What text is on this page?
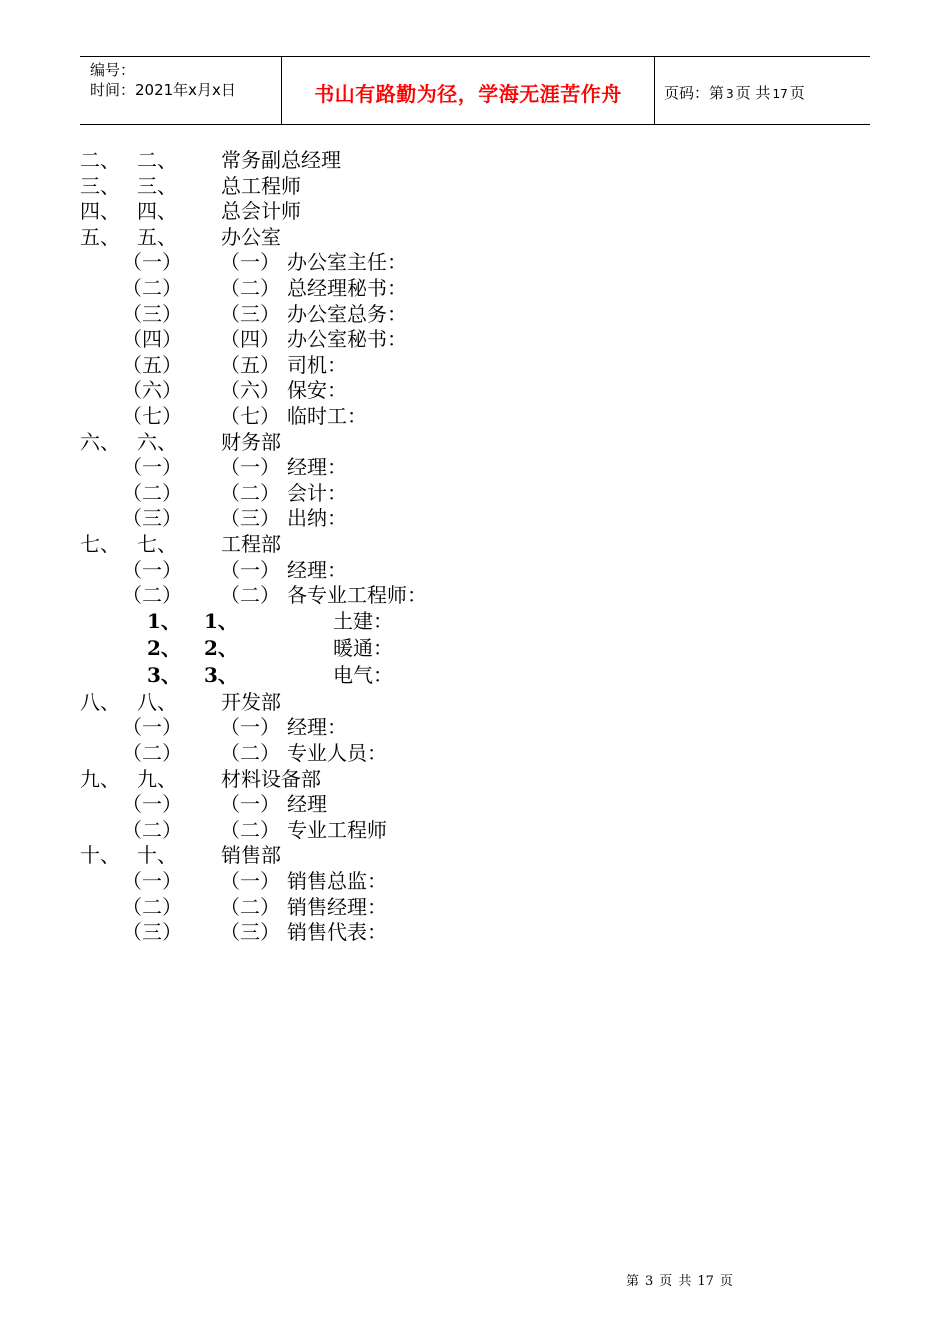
编号：
时间：2021年x月x日	书山有路勤为径，学海无涯苦作舟	页码：第 3 页 共 17 页
二、 二、 常务副总经理
三、 三、 总工程师
四、 四、 总会计师
五、 五、 办公室
（一） （一） 办公室主任：
（二） （二） 总经理秘书：
（三） （三） 办公室总务：
（四） （四） 办公室秘书：
（五） （五） 司机：
（六） （六） 保安：
（七） （七） 临时工：
六、 六、 财务部
（一） （一） 经理：
（二） （二） 会计：
（三） （三） 出纳：
七、 七、 工程部
（一） （一） 经理：
（二） （二） 各专业工程师：
1、 1、	土建：
2、 2、	暖通：
3、 3、	电气：
八、 八、 开发部
（一） （一） 经理：
（二） （二） 专业人员：
九、 九、 材料设备部
（一） （一） 经理
（二） （二） 专业工程师
十、 十、 销售部
（一） （一） 销售总监：
（二） （二） 销售经理：
（三） （三） 销售代表：
第 3 页 共 17 页
